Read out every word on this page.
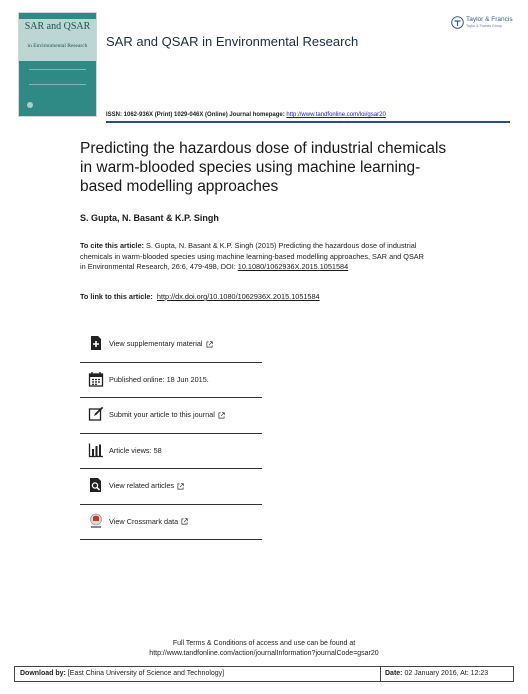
SAR and QSAR
in Environmental Research	SAR and QSAR in Environmental Research
Taylor & Francis
Taylor & Francis Group
ISSN: 1062-936X (Print) 1029-046X (Online) Journal homepage: http://www.tandfonline.com/loi/gsar20
Predicting the hazardous dose of industrial chemicals in warm-blooded species using machine learning-based modelling approaches
S. Gupta, N. Basant & K.P. Singh
To cite this article: S. Gupta, N. Basant & K.P. Singh (2015) Predicting the hazardous dose of industrial chemicals in warm-blooded species using machine learning-based modelling approaches, SAR and QSAR in Environmental Research, 26:6, 479-498, DOI: 10.1080/1062936X.2015.1051584
To link to this article: http://dx.doi.org/10.1080/1062936X.2015.1051584
View supplementary material
Published online: 18 Jun 2015.
Submit your article to this journal
Article views: 58
View related articles
View Crossmark data
Full Terms & Conditions of access and use can be found at
http://www.tandfonline.com/action/journalInformation?journalCode=gsar20
Download by: [East China University of Science and Technology]	Date: 02 January 2016, At: 12:23
